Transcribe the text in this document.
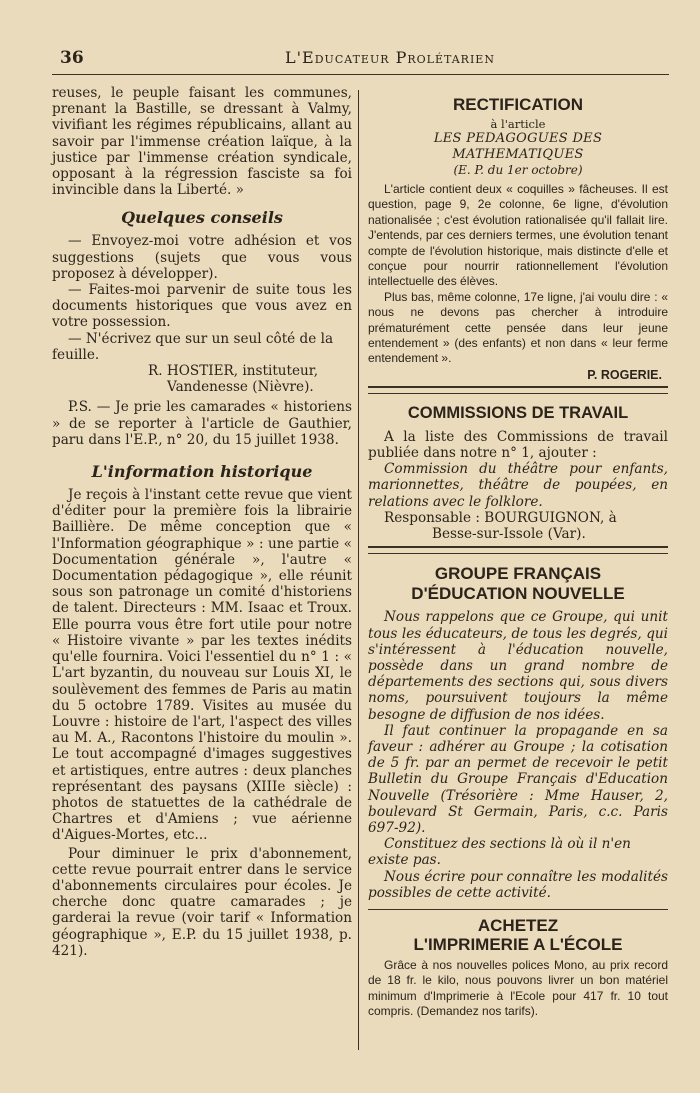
36	L'Educateur Prolétarien

reuses, le peuple faisant les communes, prenant la Bastille, se dressant à Valmy, vivifiant les régimes républicains, allant au savoir par l'immense création laïque, à la justice par l'immense création syndicale, opposant à la régression fasciste sa foi invincible dans la Liberté. »

Quelques conseils

— Envoyez-moi votre adhésion et vos suggestions (sujets que vous vous proposez à développer).

— Faites-moi parvenir de suite tous les documents historiques que vous avez en votre possession.

— N'écrivez que sur un seul côté de la feuille.

R. HOSTIER, instituteur,
Vandenesse (Nièvre).

P.S. — Je prie les camarades « historiens » de se reporter à l'article de Gauthier, paru dans l'E.P., n° 20, du 15 juillet 1938.

L'information historique

Je reçois à l'instant cette revue que vient d'éditer pour la première fois la librairie Baillière. De même conception que « l'Information géographique » : une partie « Documentation générale », l'autre « Documentation pédagogique », elle réunit sous son patronage un comité d'historiens de talent. Directeurs : MM. Isaac et Troux. Elle pourra vous être fort utile pour notre « Histoire vivante » par les textes inédits qu'elle fournira. Voici l'essentiel du n° 1 : « L'art byzantin, du nouveau sur Louis XI, le soulèvement des femmes de Paris au matin du 5 octobre 1789. Visites au musée du Louvre : histoire de l'art, l'aspect des villes au M. A., Racontons l'histoire du moulin ». Le tout accompagné d'images suggestives et artistiques, entre autres : deux planches représentant des paysans (XIIIe siècle) : photos de statuettes de la cathédrale de Chartres et d'Amiens ; vue aérienne d'Aigues-Mortes, etc...

Pour diminuer le prix d'abonnement, cette revue pourrait entrer dans le service d'abonnements circulaires pour écoles. Je cherche donc quatre camarades ; je garderai la revue (voir tarif « Information géographique », E.P. du 15 juillet 1938, p. 421).

RECTIFICATION
à l'article
LES PEDAGOGUES DES MATHEMATIQUES
(E. P. du 1er octobre)

L'article contient deux « coquilles » fâcheuses. Il est question, page 9, 2e colonne, 6e ligne, d'évolution nationalisée ; c'est évolution rationalisée qu'il fallait lire. J'entends, par ces derniers termes, une évolution tenant compte de l'évolution historique, mais distincte d'elle et conçue pour nourrir rationnellement l'évolution intellectuelle des élèves.

Plus bas, même colonne, 17e ligne, j'ai voulu dire : « nous ne devons pas chercher à introduire prématurément cette pensée dans leur jeune entendement » (des enfants) et non dans « leur ferme entendement ».

P. ROGERIE.
COMMISSIONS DE TRAVAIL

A la liste des Commissions de travail publiée dans notre n° 1, ajouter :

Commission du théâtre pour enfants, marionnettes, théâtre de poupées, en relations avec le folklore.

Responsable : BOURGUIGNON, à
Besse-sur-Issole (Var).
GROUPE FRANÇAIS
D'ÉDUCATION NOUVELLE

Nous rappelons que ce Groupe, qui unit tous les éducateurs, de tous les degrés, qui s'intéressent à l'éducation nouvelle, possède dans un grand nombre de départements des sections qui, sous divers noms, poursuivent toujours la même besogne de diffusion de nos idées.

Il faut continuer la propagande en sa faveur : adhérer au Groupe ; la cotisation de 5 fr. par an permet de recevoir le petit Bulletin du Groupe Français d'Education Nouvelle (Trésorière : Mme Hauser, 2, boulevard St Germain, Paris, c.c. Paris 697-92).

Constituez des sections là où il n'en existe pas.

Nous écrire pour connaître les modalités possibles de cette activité.

ACHETEZ
L'IMPRIMERIE A L'ÉCOLE

Grâce à nos nouvelles polices Mono, au prix record de 18 fr. le kilo, nous pouvons livrer un bon matériel minimum d'Imprimerie à l'Ecole pour 417 fr. 10 tout compris. (Demandez nos tarifs).
